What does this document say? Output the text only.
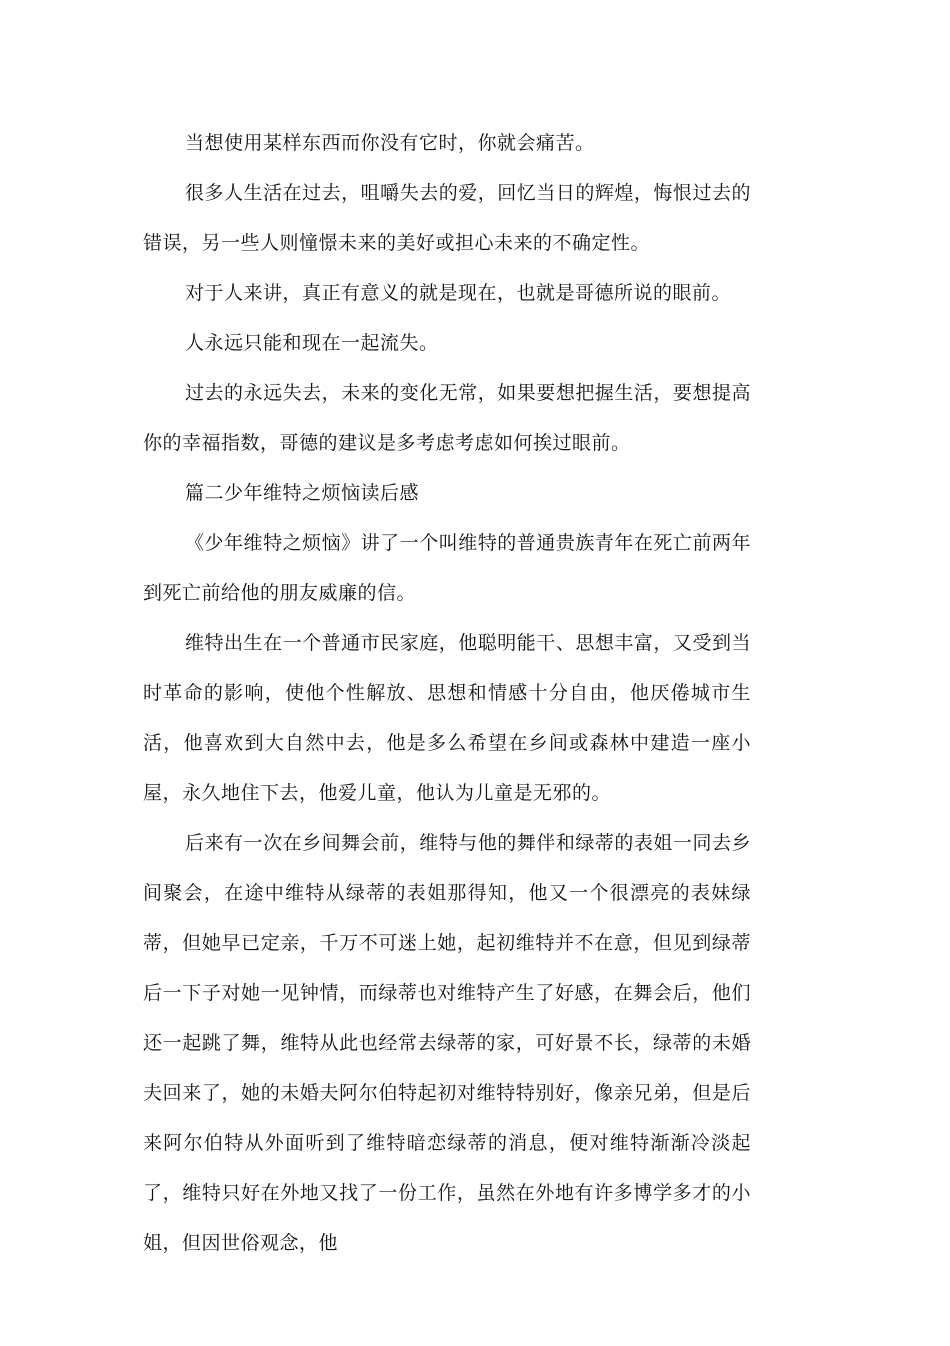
当想使用某样东西而你没有它时，你就会痛苦。

很多人生活在过去，咀嚼失去的爱，回忆当日的辉煌，悔恨过去的错误，另一些人则憧憬未来的美好或担心未来的不确定性。

对于人来讲，真正有意义的就是现在，也就是哥德所说的眼前。

人永远只能和现在一起流失。

过去的永远失去，未来的变化无常，如果要想把握生活，要想提高你的幸福指数，哥德的建议是多考虑考虑如何挨过眼前。

篇二少年维特之烦恼读后感

《少年维特之烦恼》讲了一个叫维特的普通贵族青年在死亡前两年到死亡前给他的朋友威廉的信。

维特出生在一个普通市民家庭，他聪明能干、思想丰富，又受到当时革命的影响，使他个性解放、思想和情感十分自由，他厌倦城市生活，他喜欢到大自然中去，他是多么希望在乡间或森林中建造一座小屋，永久地住下去，他爱儿童，他认为儿童是无邪的。

后来有一次在乡间舞会前，维特与他的舞伴和绿蒂的表姐一同去乡间聚会，在途中维特从绿蒂的表姐那得知，他又一个很漂亮的表妹绿蒂，但她早已定亲，千万不可迷上她，起初维特并不在意，但见到绿蒂后一下子对她一见钟情，而绿蒂也对维特产生了好感，在舞会后，他们还一起跳了舞，维特从此也经常去绿蒂的家，可好景不长，绿蒂的未婚夫回来了，她的未婚夫阿尔伯特起初对维特特别好，像亲兄弟，但是后来阿尔伯特从外面听到了维特暗恋绿蒂的消息，便对维特渐渐冷淡起了，维特只好在外地又找了一份工作，虽然在外地有许多博学多才的小姐，但因世俗观念，他
